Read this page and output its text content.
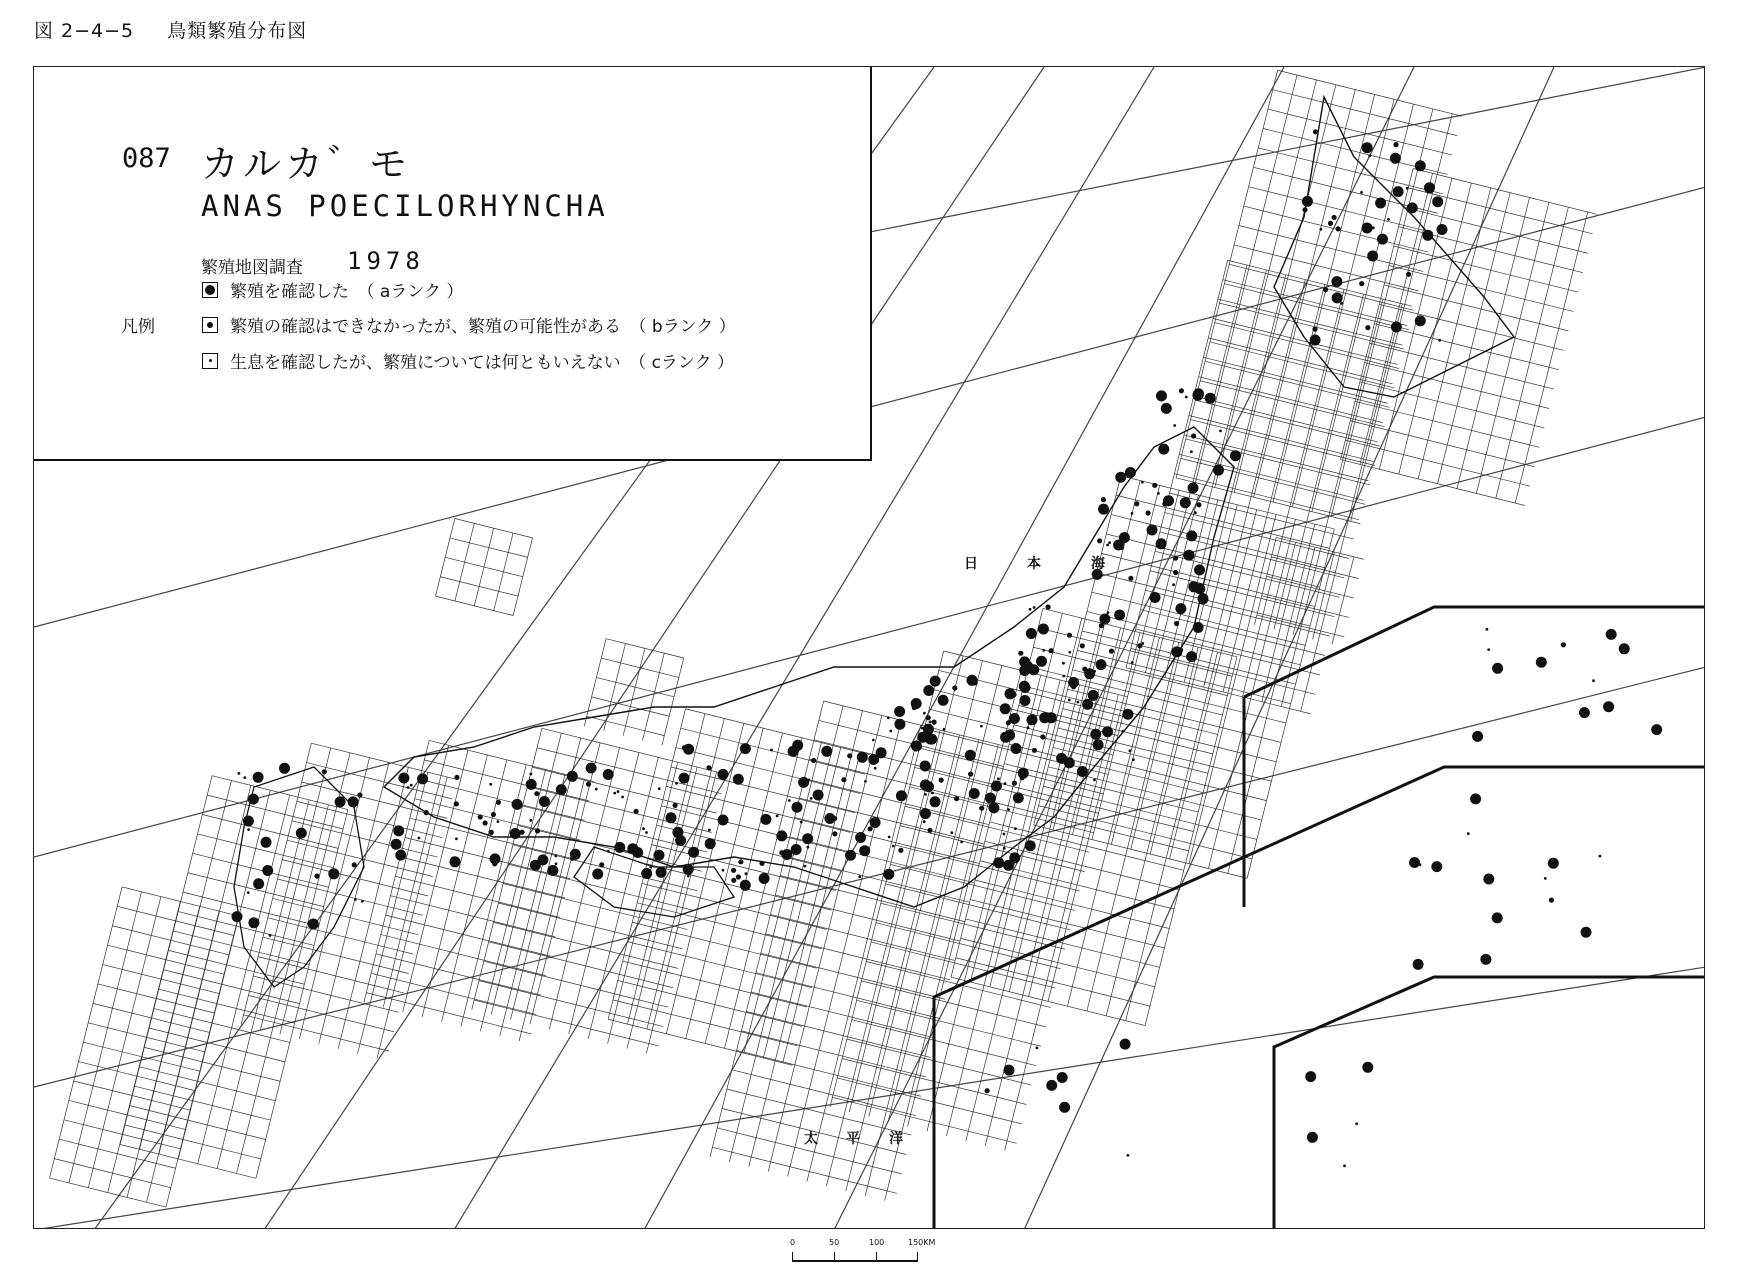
図 2−4−5 鳥類繁殖分布図
日	本	海
太 平 洋
087 カルカ゛モ
ANAS POECILORHYNCHA
繁殖地図調査 1978
凡例
繁殖を確認した　（ aランク ）
繁殖の確認はできなかったが、繁殖の可能性がある　（ bランク ）
生息を確認したが、繁殖については何ともいえない　（ cランク ）
0	50	100	150KM
